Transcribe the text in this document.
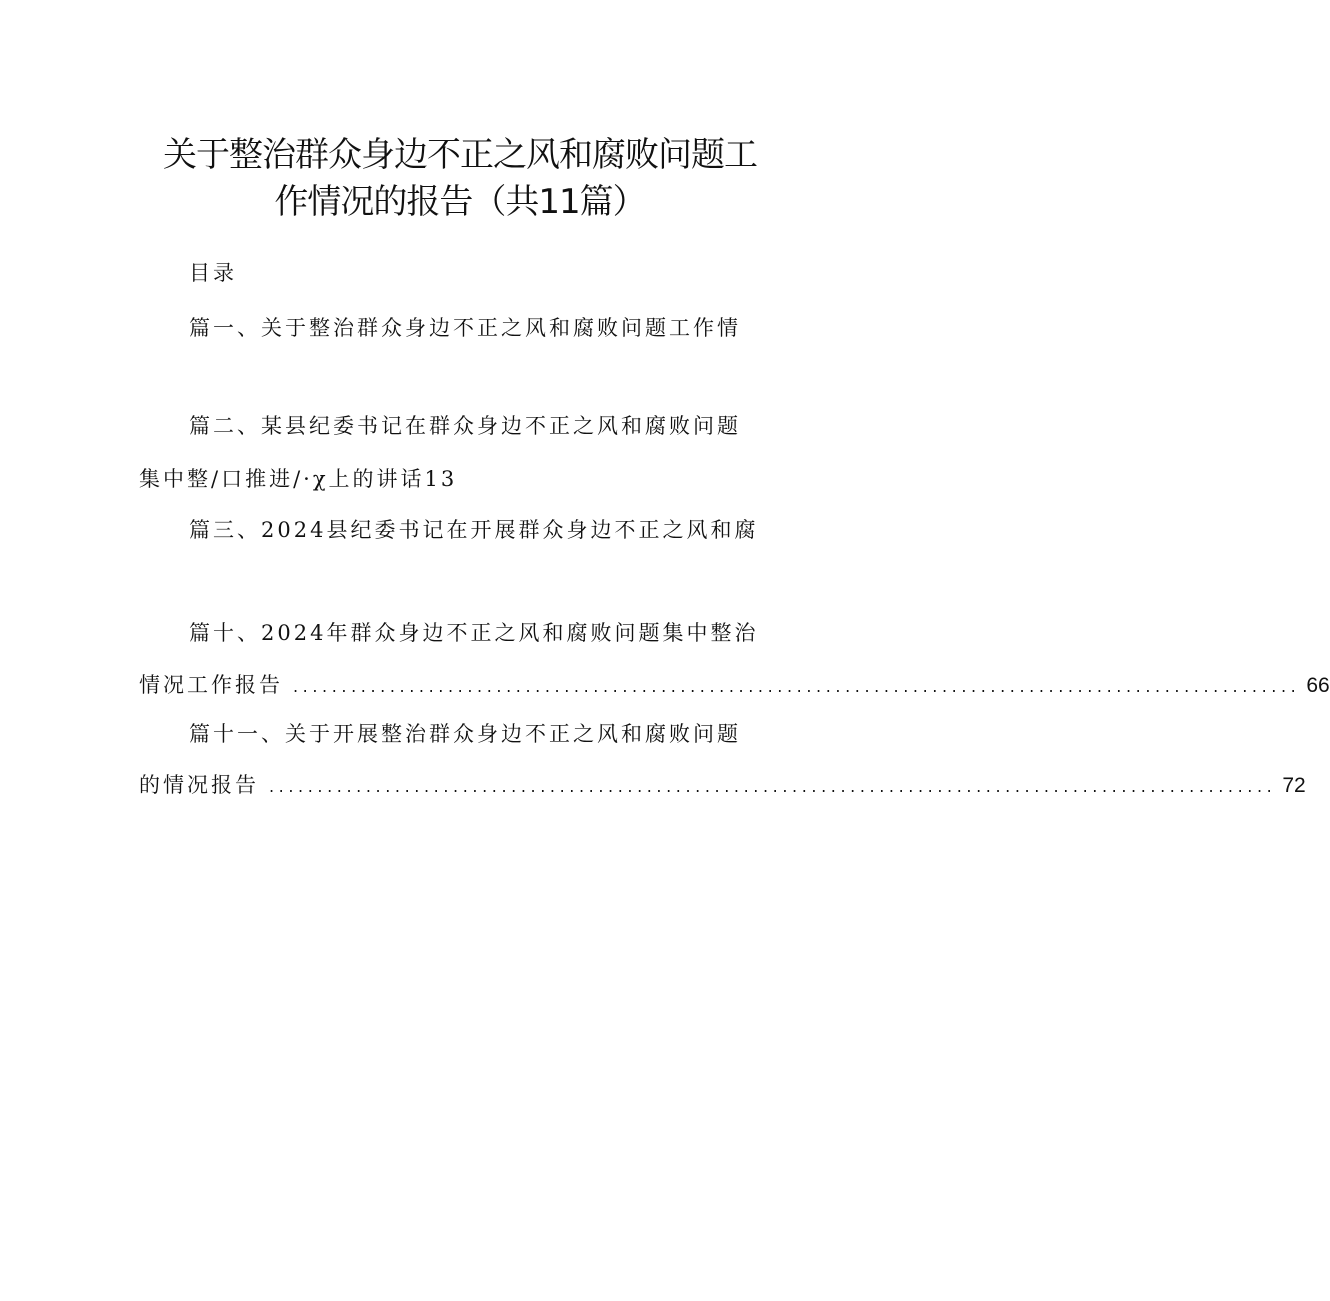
关于整治群众身边不正之风和腐败问题工
作情况的报告（共11篇）
目录
篇一、关于整治群众身边不正之风和腐败问题工作情
篇二、某县纪委书记在群众身边不正之风和腐败问题
集中整/口推进/·χ上的讲话13
篇三、2024县纪委书记在开展群众身边不正之风和腐
篇十、2024年群众身边不正之风和腐败问题集中整治
情况工作报告 ........................................................................................................ 66
篇十一、关于开展整治群众身边不正之风和腐败问题
的情况报告 ........................................................................................................ 72
